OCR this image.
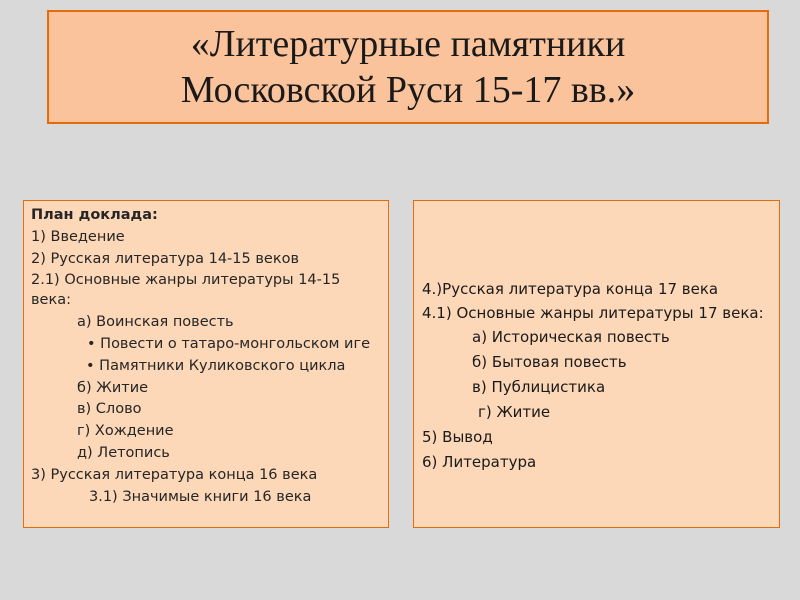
«Литературные памятники
Московской Руси 15-17 вв.»
План доклада:
1) Введение
2) Русская литература 14-15 веков
2.1) Основные жанры литературы 14-15 века:
а) Воинская повесть
• Повести о татаро-монгольском иге
• Памятники Куликовского цикла
б) Житие
в) Слово
г) Хождение
д) Летопись
3) Русская литература конца 16 века
3.1) Значимые книги 16 века
4.)Русская литература конца 17 века
4.1) Основные жанры литературы 17 века:
а) Историческая повесть
б) Бытовая повесть
в) Публицистика
г) Житие
5) Вывод
6) Литература
